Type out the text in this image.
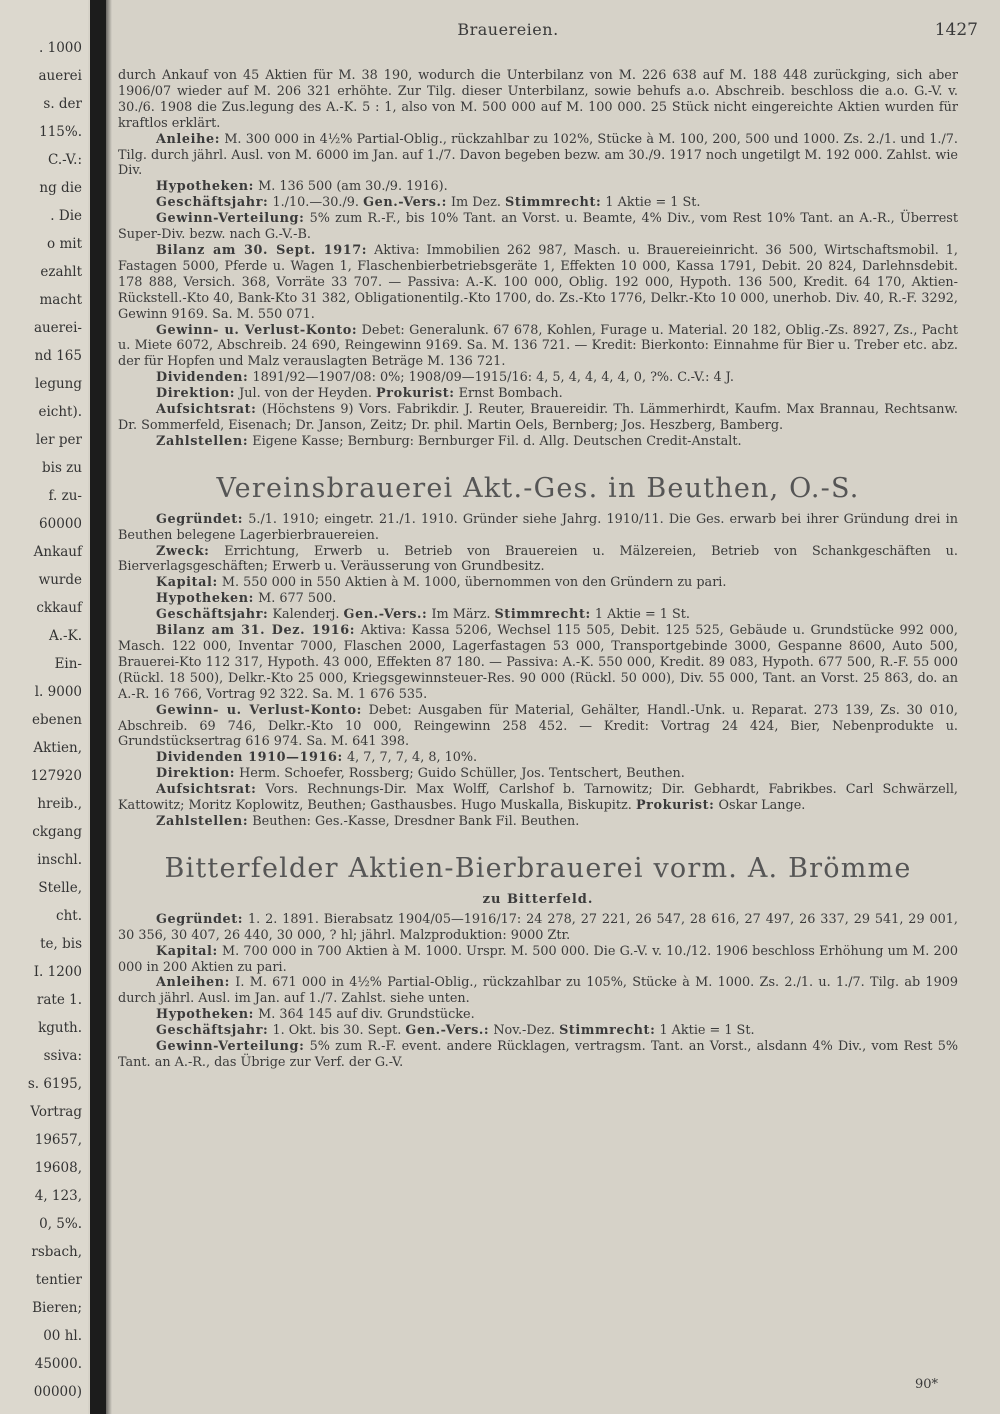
. 1000
auerei
s. der
115%.
C.-V.:
ng die
. Die
o mit
ezahlt
macht
auerei-
nd 165
legung
eicht).
ler per
bis zu
f. zu-
60000
Ankauf
wurde
ckkauf
A.-K.
Ein-
l. 9000
ebenen
Aktien,
127920
hreib.,
ckgang
inschl.
Stelle,
cht.
te, bis
I. 1200
rate 1.
kguth.
ssiva:
s. 6195,
Vortrag
19657,
19608,
4, 123,
0, 5%.
rsbach,
tentier
Bieren;
00 hl.
45000.
00000)
Brauereien.	1427

durch Ankauf von 45 Aktien für M. 38 190, wodurch die Unterbilanz von M. 226 638 auf M. 188 448 zurückging, sich aber 1906/07 wieder auf M. 206 321 erhöhte. Zur Tilg. dieser Unterbilanz, sowie behufs a.o. Abschreib. beschloss die a.o. G.-V. v. 30./6. 1908 die Zus.legung des A.-K. 5 : 1, also von M. 500 000 auf M. 100 000. 25 Stück nicht eingereichte Aktien wurden für kraftlos erklärt.

Anleihe: M. 300 000 in 4½% Partial-Oblig., rückzahlbar zu 102%, Stücke à M. 100, 200, 500 und 1000. Zs. 2./1. und 1./7. Tilg. durch jährl. Ausl. von M. 6000 im Jan. auf 1./7. Davon begeben bezw. am 30./9. 1917 noch ungetilgt M. 192 000. Zahlst. wie Div.

Hypotheken: M. 136 500 (am 30./9. 1916).

Geschäftsjahr: 1./10.—30./9. Gen.-Vers.: Im Dez. Stimmrecht: 1 Aktie = 1 St.

Gewinn-Verteilung: 5% zum R.-F., bis 10% Tant. an Vorst. u. Beamte, 4% Div., vom Rest 10% Tant. an A.-R., Überrest Super-Div. bezw. nach G.-V.-B.

Bilanz am 30. Sept. 1917: Aktiva: Immobilien 262 987, Masch. u. Brauereieinricht. 36 500, Wirtschaftsmobil. 1, Fastagen 5000, Pferde u. Wagen 1, Flaschenbierbetriebsgeräte 1, Effekten 10 000, Kassa 1791, Debit. 20 824, Darlehnsdebit. 178 888, Versich. 368, Vorräte 33 707. — Passiva: A.-K. 100 000, Oblig. 192 000, Hypoth. 136 500, Kredit. 64 170, Aktien-Rückstell.-Kto 40, Bank-Kto 31 382, Obligationentilg.-Kto 1700, do. Zs.-Kto 1776, Delkr.-Kto 10 000, unerhob. Div. 40, R.-F. 3292, Gewinn 9169. Sa. M. 550 071.

Gewinn- u. Verlust-Konto: Debet: Generalunk. 67 678, Kohlen, Furage u. Material. 20 182, Oblig.-Zs. 8927, Zs., Pacht u. Miete 6072, Abschreib. 24 690, Reingewinn 9169. Sa. M. 136 721. — Kredit: Bierkonto: Einnahme für Bier u. Treber etc. abz. der für Hopfen und Malz verauslagten Beträge M. 136 721.

Dividenden: 1891/92—1907/08: 0%; 1908/09—1915/16: 4, 5, 4, 4, 4, 4, 0, ?%. C.-V.: 4 J.

Direktion: Jul. von der Heyden. Prokurist: Ernst Bombach.

Aufsichtsrat: (Höchstens 9) Vors. Fabrikdir. J. Reuter, Brauereidir. Th. Lämmerhirdt, Kaufm. Max Brannau, Rechtsanw. Dr. Sommerfeld, Eisenach; Dr. Janson, Zeitz; Dr. phil. Martin Oels, Bernberg; Jos. Heszberg, Bamberg.

Zahlstellen: Eigene Kasse; Bernburg: Bernburger Fil. d. Allg. Deutschen Credit-Anstalt.

Vereinsbrauerei Akt.-Ges. in Beuthen, O.-S.

Gegründet: 5./1. 1910; eingetr. 21./1. 1910. Gründer siehe Jahrg. 1910/11. Die Ges. erwarb bei ihrer Gründung drei in Beuthen belegene Lagerbierbrauereien.

Zweck: Errichtung, Erwerb u. Betrieb von Brauereien u. Mälzereien, Betrieb von Schankgeschäften u. Bierverlagsgeschäften; Erwerb u. Veräusserung von Grundbesitz.

Kapital: M. 550 000 in 550 Aktien à M. 1000, übernommen von den Gründern zu pari.

Hypotheken: M. 677 500.

Geschäftsjahr: Kalenderj. Gen.-Vers.: Im März. Stimmrecht: 1 Aktie = 1 St.

Bilanz am 31. Dez. 1916: Aktiva: Kassa 5206, Wechsel 115 505, Debit. 125 525, Gebäude u. Grundstücke 992 000, Masch. 122 000, Inventar 7000, Flaschen 2000, Lagerfastagen 53 000, Transportgebinde 3000, Gespanne 8600, Auto 500, Brauerei-Kto 112 317, Hypoth. 43 000, Effekten 87 180. — Passiva: A.-K. 550 000, Kredit. 89 083, Hypoth. 677 500, R.-F. 55 000 (Rückl. 18 500), Delkr.-Kto 25 000, Kriegsgewinnsteuer-Res. 90 000 (Rückl. 50 000), Div. 55 000, Tant. an Vorst. 25 863, do. an A.-R. 16 766, Vortrag 92 322. Sa. M. 1 676 535.

Gewinn- u. Verlust-Konto: Debet: Ausgaben für Material, Gehälter, Handl.-Unk. u. Reparat. 273 139, Zs. 30 010, Abschreib. 69 746, Delkr.-Kto 10 000, Reingewinn 258 452. — Kredit: Vortrag 24 424, Bier, Nebenprodukte u. Grundstücksertrag 616 974. Sa. M. 641 398.

Dividenden 1910—1916: 4, 7, 7, 7, 4, 8, 10%.

Direktion: Herm. Schoefer, Rossberg; Guido Schüller, Jos. Tentschert, Beuthen.

Aufsichtsrat: Vors. Rechnungs-Dir. Max Wolff, Carlshof b. Tarnowitz; Dir. Gebhardt, Fabrikbes. Carl Schwärzell, Kattowitz; Moritz Koplowitz, Beuthen; Gasthausbes. Hugo Muskalla, Biskupitz. Prokurist: Oskar Lange.

Zahlstellen: Beuthen: Ges.-Kasse, Dresdner Bank Fil. Beuthen.

Bitterfelder Aktien-Bierbrauerei vorm. A. Brömme
zu Bitterfeld.

Gegründet: 1. 2. 1891. Bierabsatz 1904/05—1916/17: 24 278, 27 221, 26 547, 28 616, 27 497, 26 337, 29 541, 29 001, 30 356, 30 407, 26 440, 30 000, ? hl; jährl. Malzproduktion: 9000 Ztr.

Kapital: M. 700 000 in 700 Aktien à M. 1000. Urspr. M. 500 000. Die G.-V. v. 10./12. 1906 beschloss Erhöhung um M. 200 000 in 200 Aktien zu pari.

Anleihen: I. M. 671 000 in 4½% Partial-Oblig., rückzahlbar zu 105%, Stücke à M. 1000. Zs. 2./1. u. 1./7. Tilg. ab 1909 durch jährl. Ausl. im Jan. auf 1./7. Zahlst. siehe unten.

Hypotheken: M. 364 145 auf div. Grundstücke.

Geschäftsjahr: 1. Okt. bis 30. Sept. Gen.-Vers.: Nov.-Dez. Stimmrecht: 1 Aktie = 1 St.

Gewinn-Verteilung: 5% zum R.-F. event. andere Rücklagen, vertragsm. Tant. an Vorst., alsdann 4% Div., vom Rest 5% Tant. an A.-R., das Übrige zur Verf. der G.-V.

90*
